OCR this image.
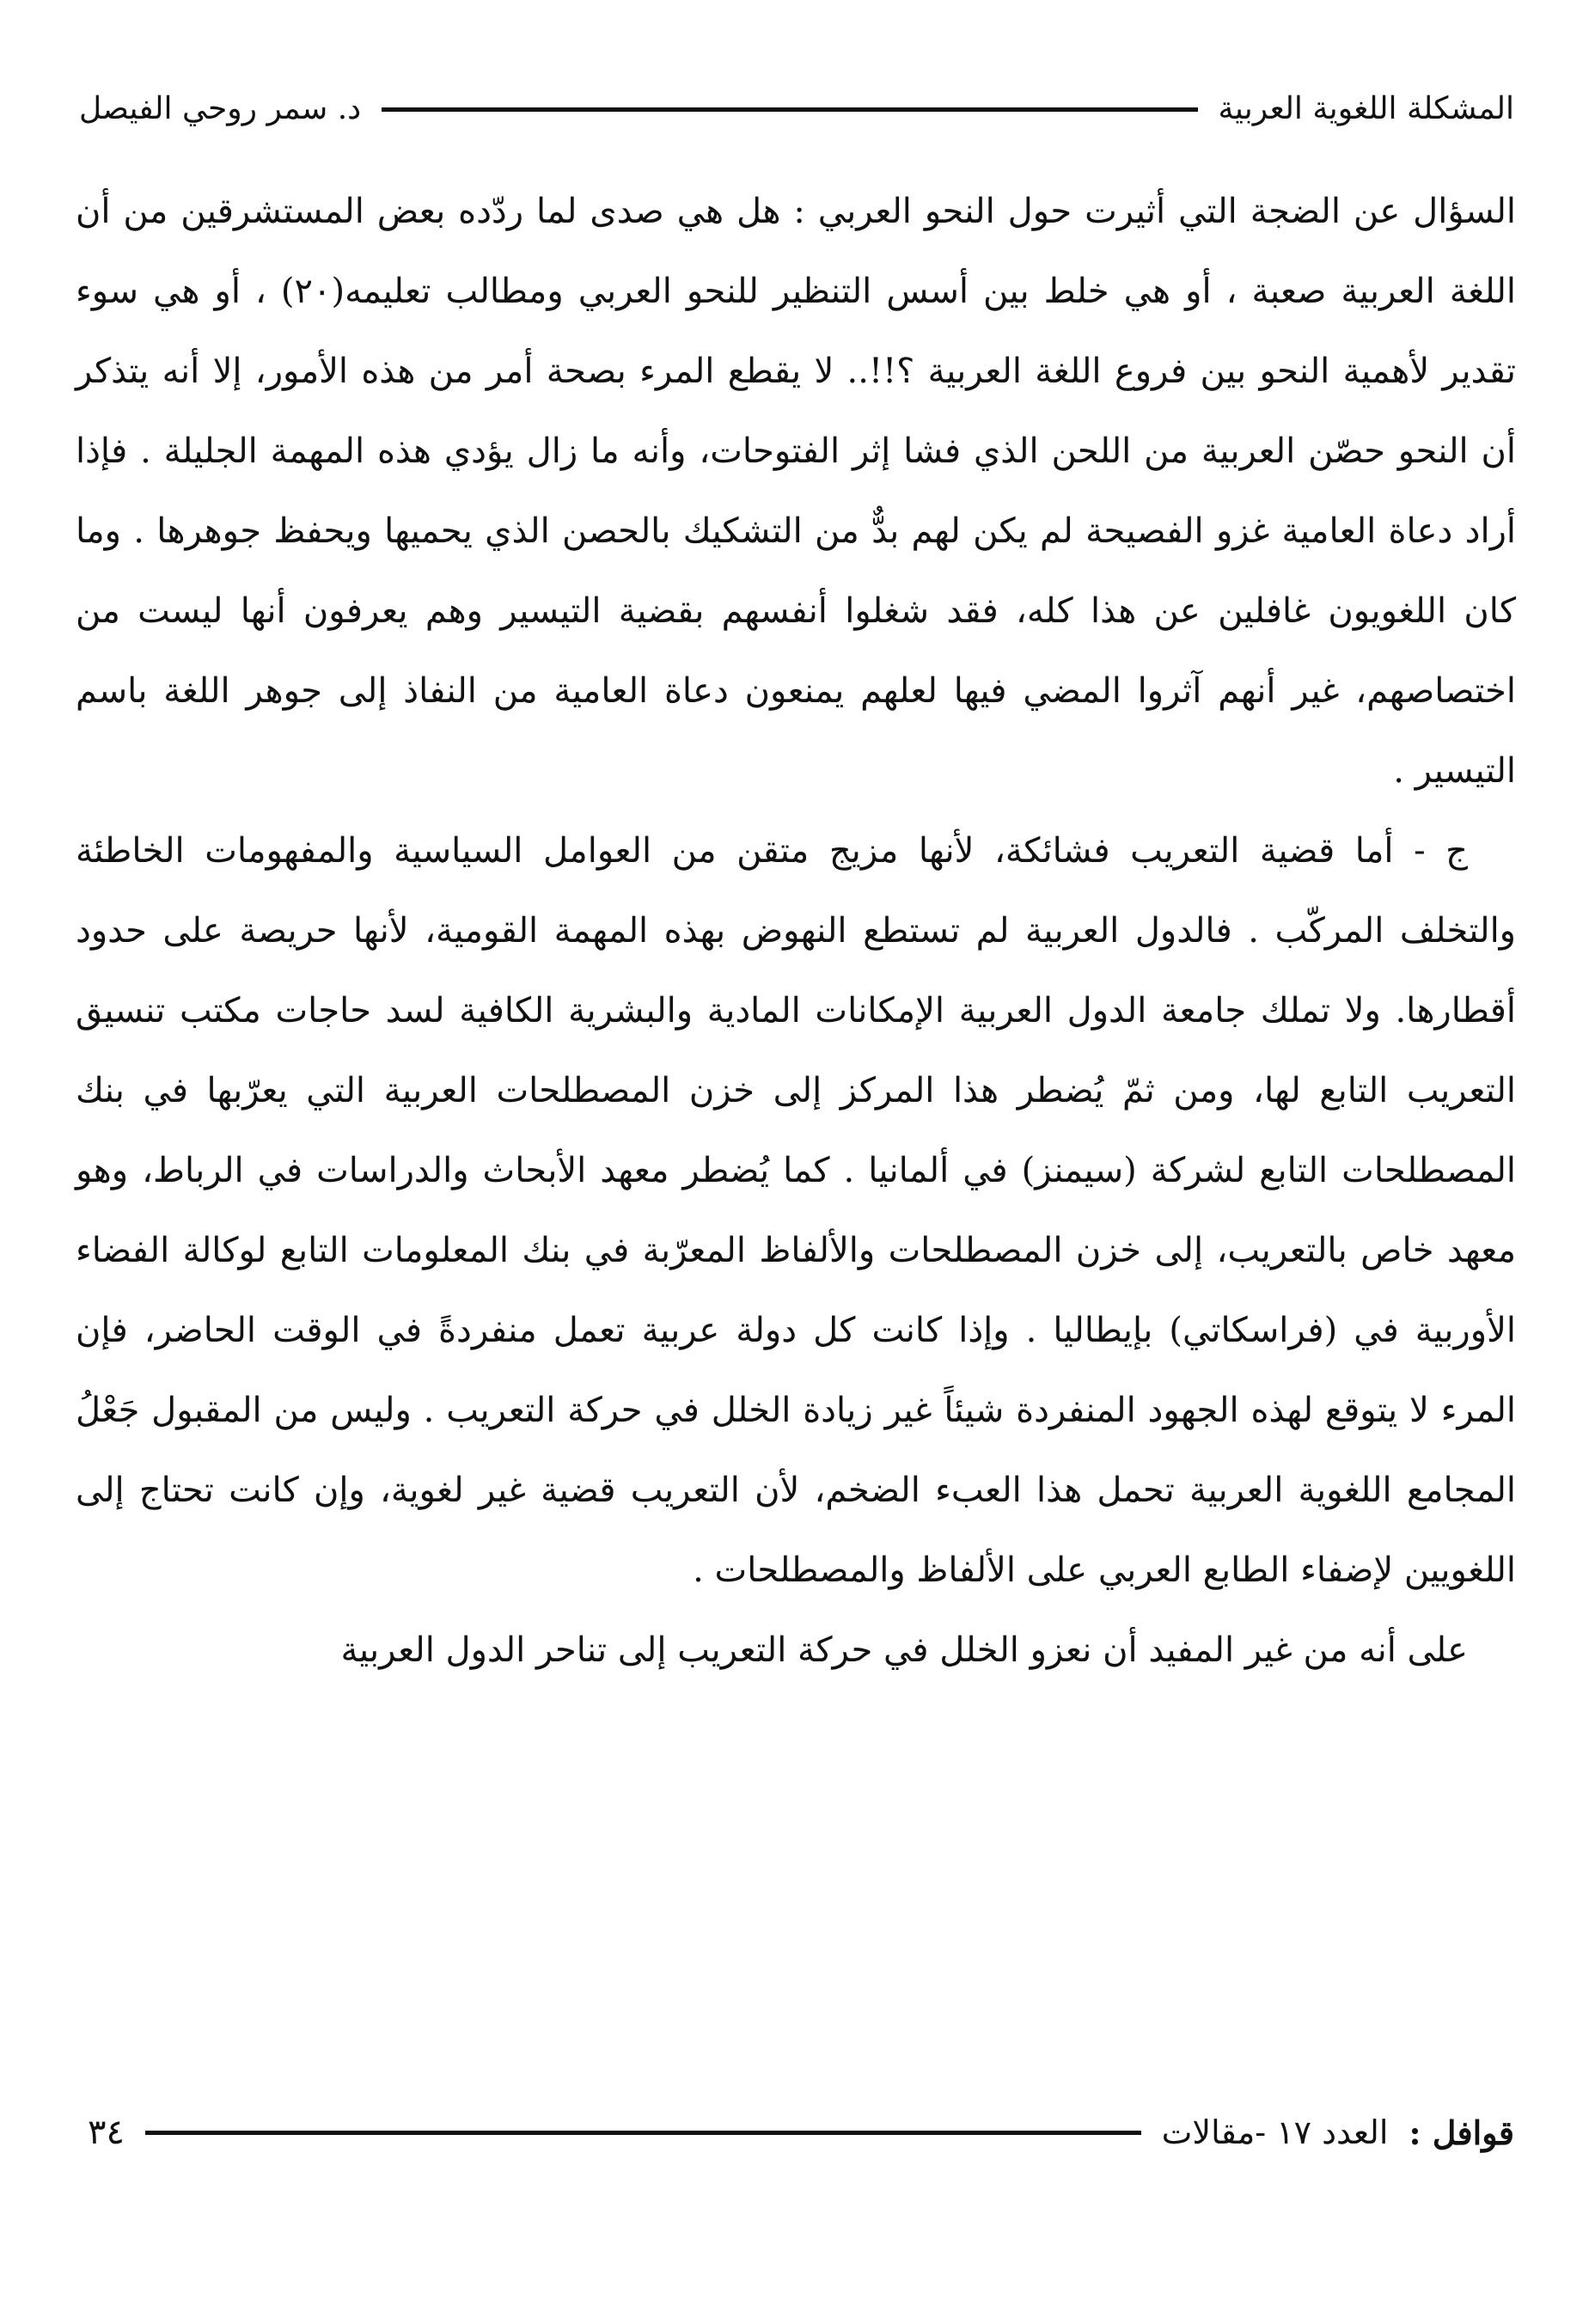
المشكلة اللغوية العربية
د. سمر روحي الفيصل

السؤال عن الضجة التي أثيرت حول النحو العربي : هل هي صدى لما ردّده بعض المستشرقين من أن اللغة العربية صعبة ، أو هي خلط بين أسس التنظير للنحو العربي ومطالب تعليمه(٢٠) ، أو هي سوء تقدير لأهمية النحو بين فروع اللغة العربية ؟!!.. لا يقطع المرء بصحة أمر من هذه الأمور، إلا أنه يتذكر أن النحو حصّن العربية من اللحن الذي فشا إثر الفتوحات، وأنه ما زال يؤدي هذه المهمة الجليلة . فإذا أراد دعاة العامية غزو الفصيحة لم يكن لهم بدٌّ من التشكيك بالحصن الذي يحميها ويحفظ جوهرها . وما كان اللغويون غافلين عن هذا كله، فقد شغلوا أنفسهم بقضية التيسير وهم يعرفون أنها ليست من اختصاصهم، غير أنهم آثروا المضي فيها لعلهم يمنعون دعاة العامية من النفاذ إلى جوهر اللغة باسم التيسير .

ج - أما قضية التعريب فشائكة، لأنها مزيج متقن من العوامل السياسية والمفهومات الخاطئة والتخلف المركّب . فالدول العربية لم تستطع النهوض بهذه المهمة القومية، لأنها حريصة على حدود أقطارها. ولا تملك جامعة الدول العربية الإمكانات المادية والبشرية الكافية لسد حاجات مكتب تنسيق التعريب التابع لها، ومن ثمّ يُضطر هذا المركز إلى خزن المصطلحات العربية التي يعرّبها في بنك المصطلحات التابع لشركة (سيمنز) في ألمانيا . كما يُضطر معهد الأبحاث والدراسات في الرباط، وهو معهد خاص بالتعريب، إلى خزن المصطلحات والألفاظ المعرّبة في بنك المعلومات التابع لوكالة الفضاء الأوربية في (فراسكاتي) بإيطاليا . وإذا كانت كل دولة عربية تعمل منفردةً في الوقت الحاضر، فإن المرء لا يتوقع لهذه الجهود المنفردة شيئاً غير زيادة الخلل في حركة التعريب . وليس من المقبول جَعْلُ المجامع اللغوية العربية تحمل هذا العبء الضخم، لأن التعريب قضية غير لغوية، وإن كانت تحتاج إلى اللغويين لإضفاء الطابع العربي على الألفاظ والمصطلحات .

على أنه من غير المفيد أن نعزو الخلل في حركة التعريب إلى تناحر الدول العربية

قوافل :
العدد ١٧ -مقالات
٣٤
